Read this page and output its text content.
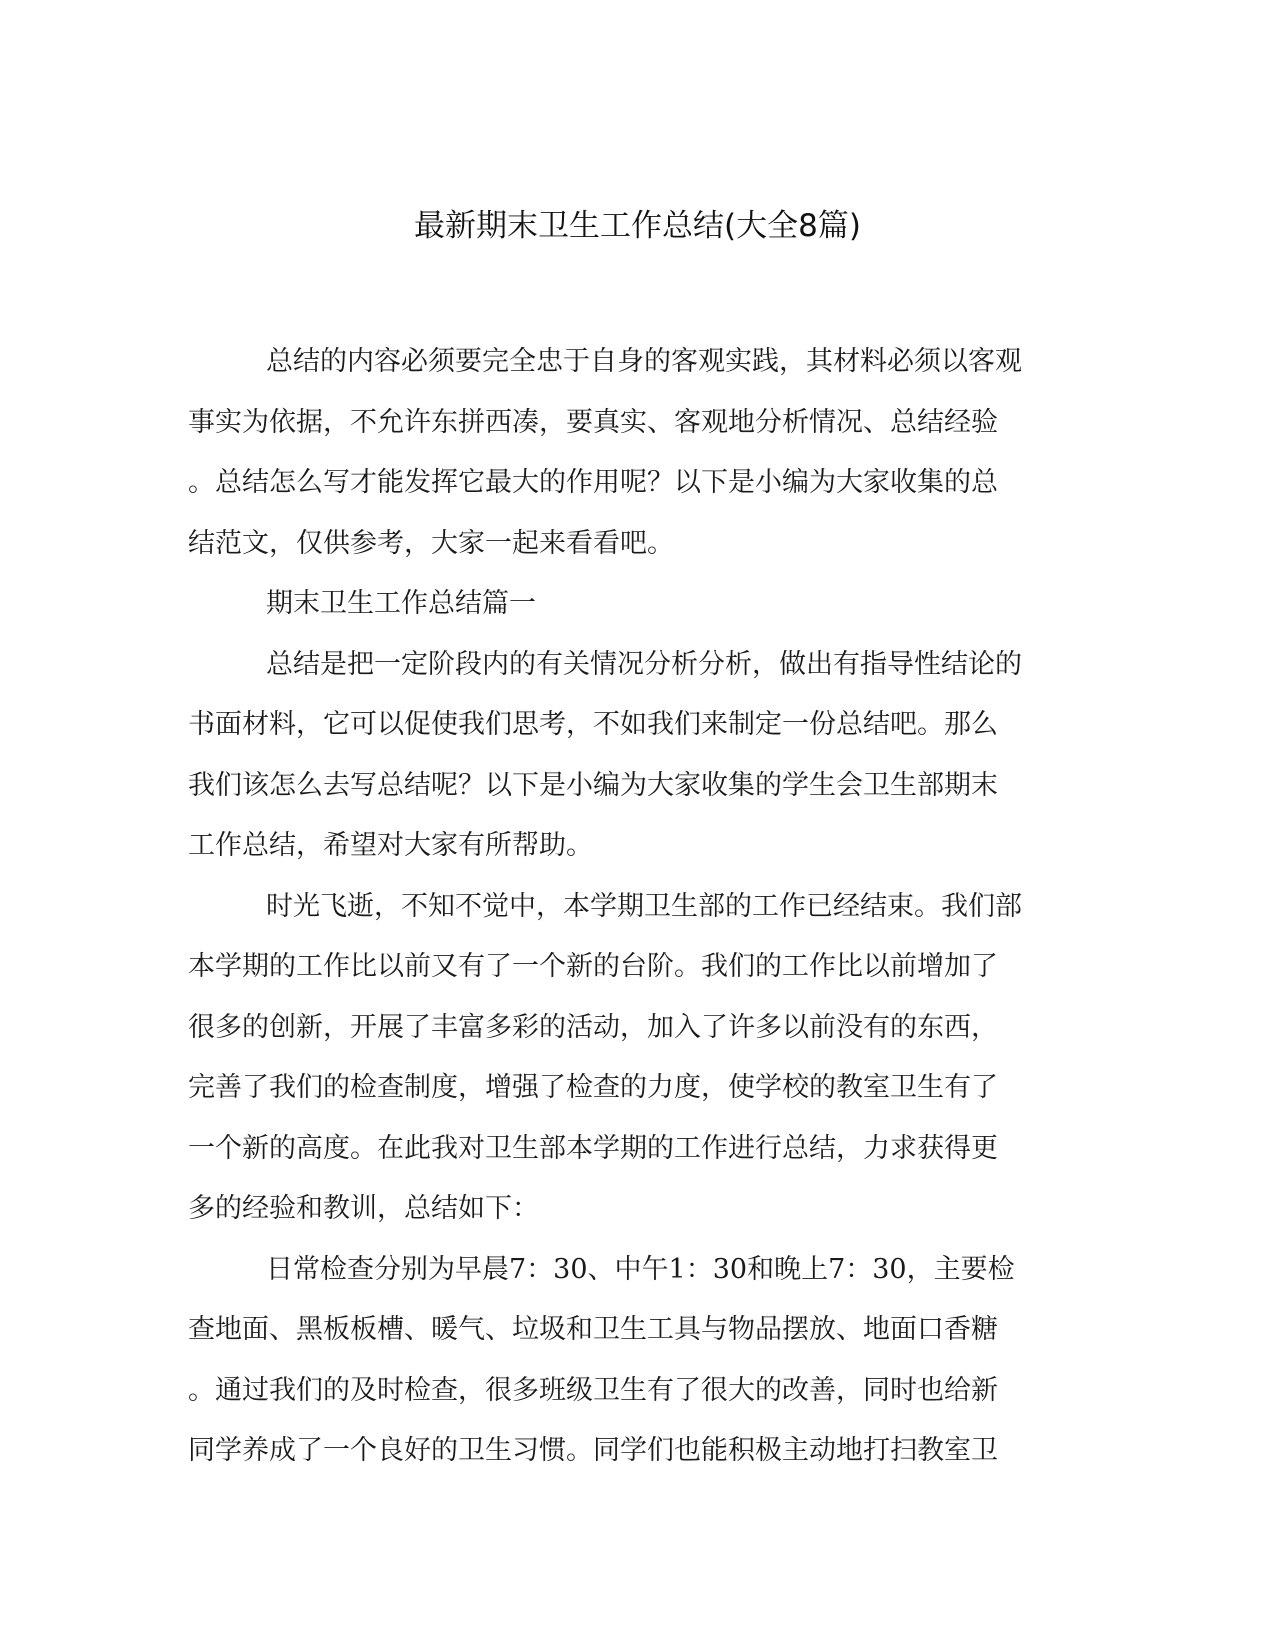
最新期末卫生工作总结(大全8篇)
总结的内容必须要完全忠于自身的客观实践，其材料必须以客观
事实为依据，不允许东拼西凑，要真实、客观地分析情况、总结经验
。总结怎么写才能发挥它最大的作用呢？以下是小编为大家收集的总
结范文，仅供参考，大家一起来看看吧。
期末卫生工作总结篇一
总结是把一定阶段内的有关情况分析分析，做出有指导性结论的
书面材料，它可以促使我们思考，不如我们来制定一份总结吧。那么
我们该怎么去写总结呢？以下是小编为大家收集的学生会卫生部期末
工作总结，希望对大家有所帮助。
时光飞逝，不知不觉中，本学期卫生部的工作已经结束。我们部
本学期的工作比以前又有了一个新的台阶。我们的工作比以前增加了
很多的创新，开展了丰富多彩的活动，加入了许多以前没有的东西，
完善了我们的检查制度，增强了检查的力度，使学校的教室卫生有了
一个新的高度。在此我对卫生部本学期的工作进行总结，力求获得更
多的经验和教训，总结如下：
日常检查分别为早晨7：30、中午1：30和晚上7：30，主要检
查地面、黑板板槽、暖气、垃圾和卫生工具与物品摆放、地面口香糖
。通过我们的及时检查，很多班级卫生有了很大的改善，同时也给新
同学养成了一个良好的卫生习惯。同学们也能积极主动地打扫教室卫
